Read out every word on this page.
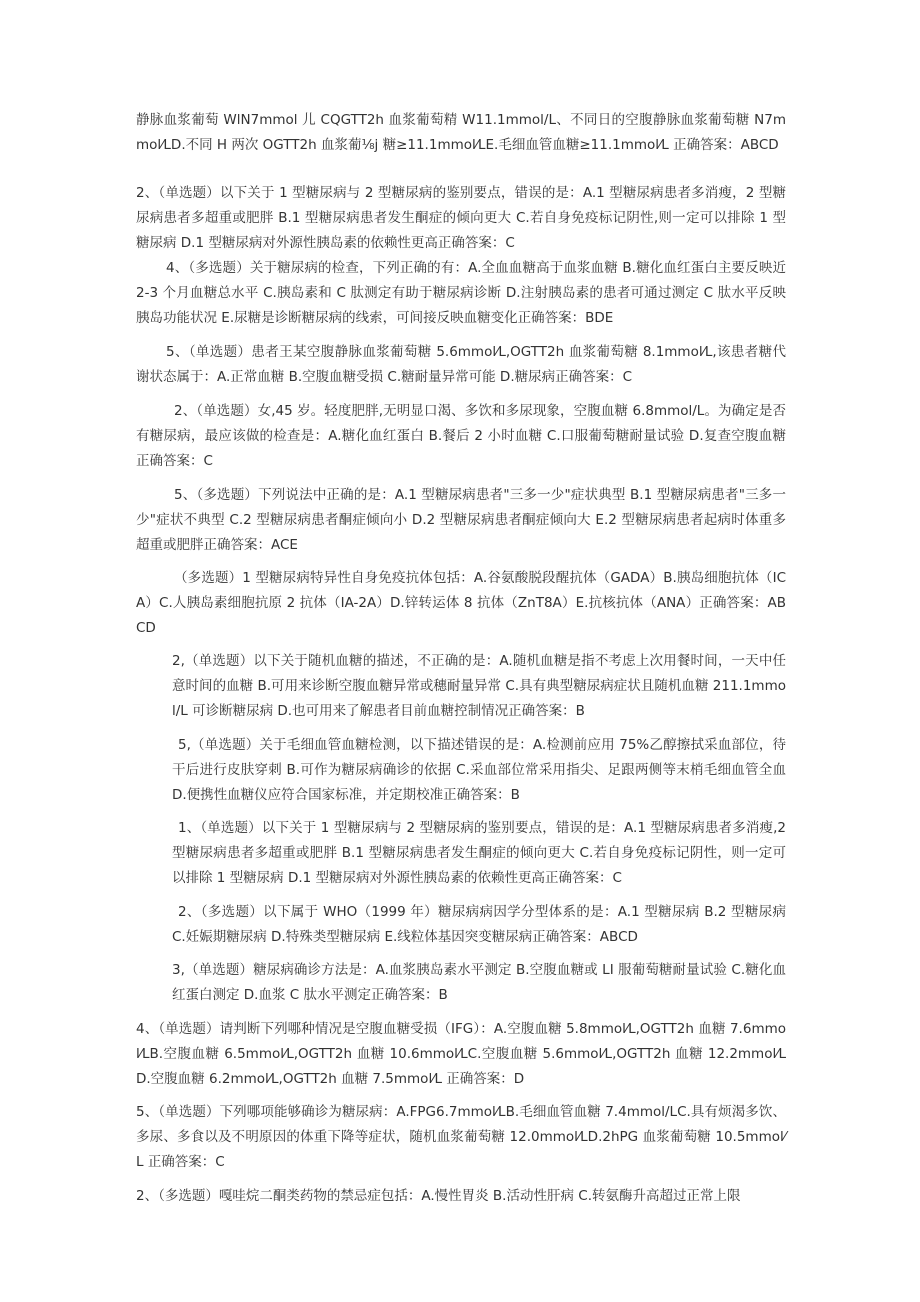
静脉血浆葡萄 WlN7mmol 儿 CQGTT2h 血浆葡萄精 W11.1mmol/L、不同日的空腹静脉血浆葡萄糖 N7mmol⁄LD.不同 H 两次 OGTT2h 血浆葡⅛j 糖≥11.1mmol⁄LE.毛细血管血糖≥11.1mmol⁄L 正确答案：ABCD
2、（单选题）以下关于 1 型糖尿病与 2 型糖尿病的鉴别要点，错误的是：A.1 型糖尿病患者多消瘦，2 型糖尿病患者多超重或肥胖 B.1 型糖尿病患者发生酮症的倾向更大 C.若自身免疫标记阴性,则一定可以排除 1 型糖尿病 D.1 型糖尿病对外源性胰岛素的依赖性更高正确答案：C
4、（多选题）关于糖尿病的检查，下列正确的有：A.全血血糖高于血浆血糖 B.糖化血红蛋白主要反映近 2-3 个月血糖总水平 C.胰岛素和 C 肽测定有助于糖尿病诊断 D.注射胰岛素的患者可通过测定 C 肽水平反映胰岛功能状况 E.尿糖是诊断糖尿病的线索，可间接反映血糖变化正确答案：BDE
5、（单选题）患者王某空腹静脉血浆葡萄糖 5.6mmol⁄L,OGTT2h 血浆葡萄糖 8.1mmol⁄L,该患者糖代谢状态属于：A.正常血糖 B.空腹血糖受损 C.糖耐量异常可能 D.糖尿病正确答案：C
2、（单选题）女,45 岁。轻度肥胖,无明显口渴、多饮和多尿现象，空腹血糖 6.8mmol/L。为确定是否有糖尿病，最应该做的检查是：A.糖化血红蛋白 B.餐后 2 小时血糖 C.口服葡萄糖耐量试验 D.复查空腹血糖正确答案：C
5、（多选题）下列说法中正确的是：A.1 型糖尿病患者"三多一少"症状典型 B.1 型糖尿病患者"三多一少"症状不典型 C.2 型糖尿病患者酮症倾向小 D.2 型糖尿病患者酮症倾向大 E.2 型糖尿病患者起病时体重多超重或肥胖正确答案：ACE
（多选题）1 型糖尿病特异性自身免疫抗体包括：A.谷氨酸脱段醒抗体（GADA）B.胰岛细胞抗体（ICA）C.人胰岛素细胞抗原 2 抗体（IA-2A）D.锌转运体 8 抗体（ZnT8A）E.抗核抗体（ANA）正确答案：ABCD
2,（单选题）以下关于随机血糖的描述，不正确的是：A.随机血糖是指不考虑上次用餐时间，一天中任意时间的血糖 B.可用来诊断空腹血糖异常或穗耐量异常 C.具有典型糖尿病症状且随机血糖 211.1mmol/L 可诊断糖尿病 D.也可用来了解患者目前血糖控制情况正确答案：B
5,（单选题）关于毛细血管血糖检测，以下描述错误的是：A.检测前应用 75%乙醇擦拭采血部位，待干后进行皮肤穿刺 B.可作为糖尿病确诊的依据 C.采血部位常采用指尖、足跟两侧等末梢毛细血管全血 D.便携性血糖仪应符合国家标准，并定期校准正确答案：B
1、（单选题）以下关于 1 型糖尿病与 2 型糖尿病的鉴别要点，错误的是：A.1 型糖尿病患者多消瘦,2 型糖尿病患者多超重或肥胖 B.1 型糖尿病患者发生酮症的倾向更大 C.若自身免疫标记阴性，则一定可以排除 1 型糖尿病 D.1 型糖尿病对外源性胰岛素的依赖性更高正确答案：C
2、（多选题）以下属于 WHO（1999 年）糖尿病病因学分型体系的是：A.1 型糖尿病 B.2 型糖尿病 C.妊娠期糖尿病 D.特殊类型糖尿病 E.线粒体基因突变糖尿病正确答案：ABCD
3,（单选题）糖尿病确诊方法是：A.血浆胰岛素水平测定 B.空腹血糖或 LI 服葡萄糖耐量试验 C.糖化血红蛋白测定 D.血浆 C 肽水平测定正确答案：B
4、（单选题）请判断下列哪种情况是空腹血糖受损（IFG）：A.空腹血糖 5.8mmol⁄L,OGTT2h 血糖 7.6mmol⁄LB.空腹血糖 6.5mmol⁄L,OGTT2h 血糖 10.6mmol⁄LC.空腹血糖 5.6mmol⁄L,OGTT2h 血糖 12.2mmol⁄LD.空腹血糖 6.2mmol⁄L,OGTT2h 血糖 7.5mmol⁄L 正确答案：D
5、（单选题）下列哪项能够确诊为糖尿病：A.FPG6.7mmol⁄LB.毛细血管血糖 7.4mmol/LC.具有烦渴多饮、多尿、多食以及不明原因的体重下降等症状，随机血浆葡萄糖 12.0mmol⁄LD.2hPG 血浆葡萄糖 10.5mmol⁄L 正确答案：C
2、（多选题）嘎哇烷二酮类药物的禁忌症包括：A.慢性胃炎 B.活动性肝病 C.转氨酶升高超过正常上限
